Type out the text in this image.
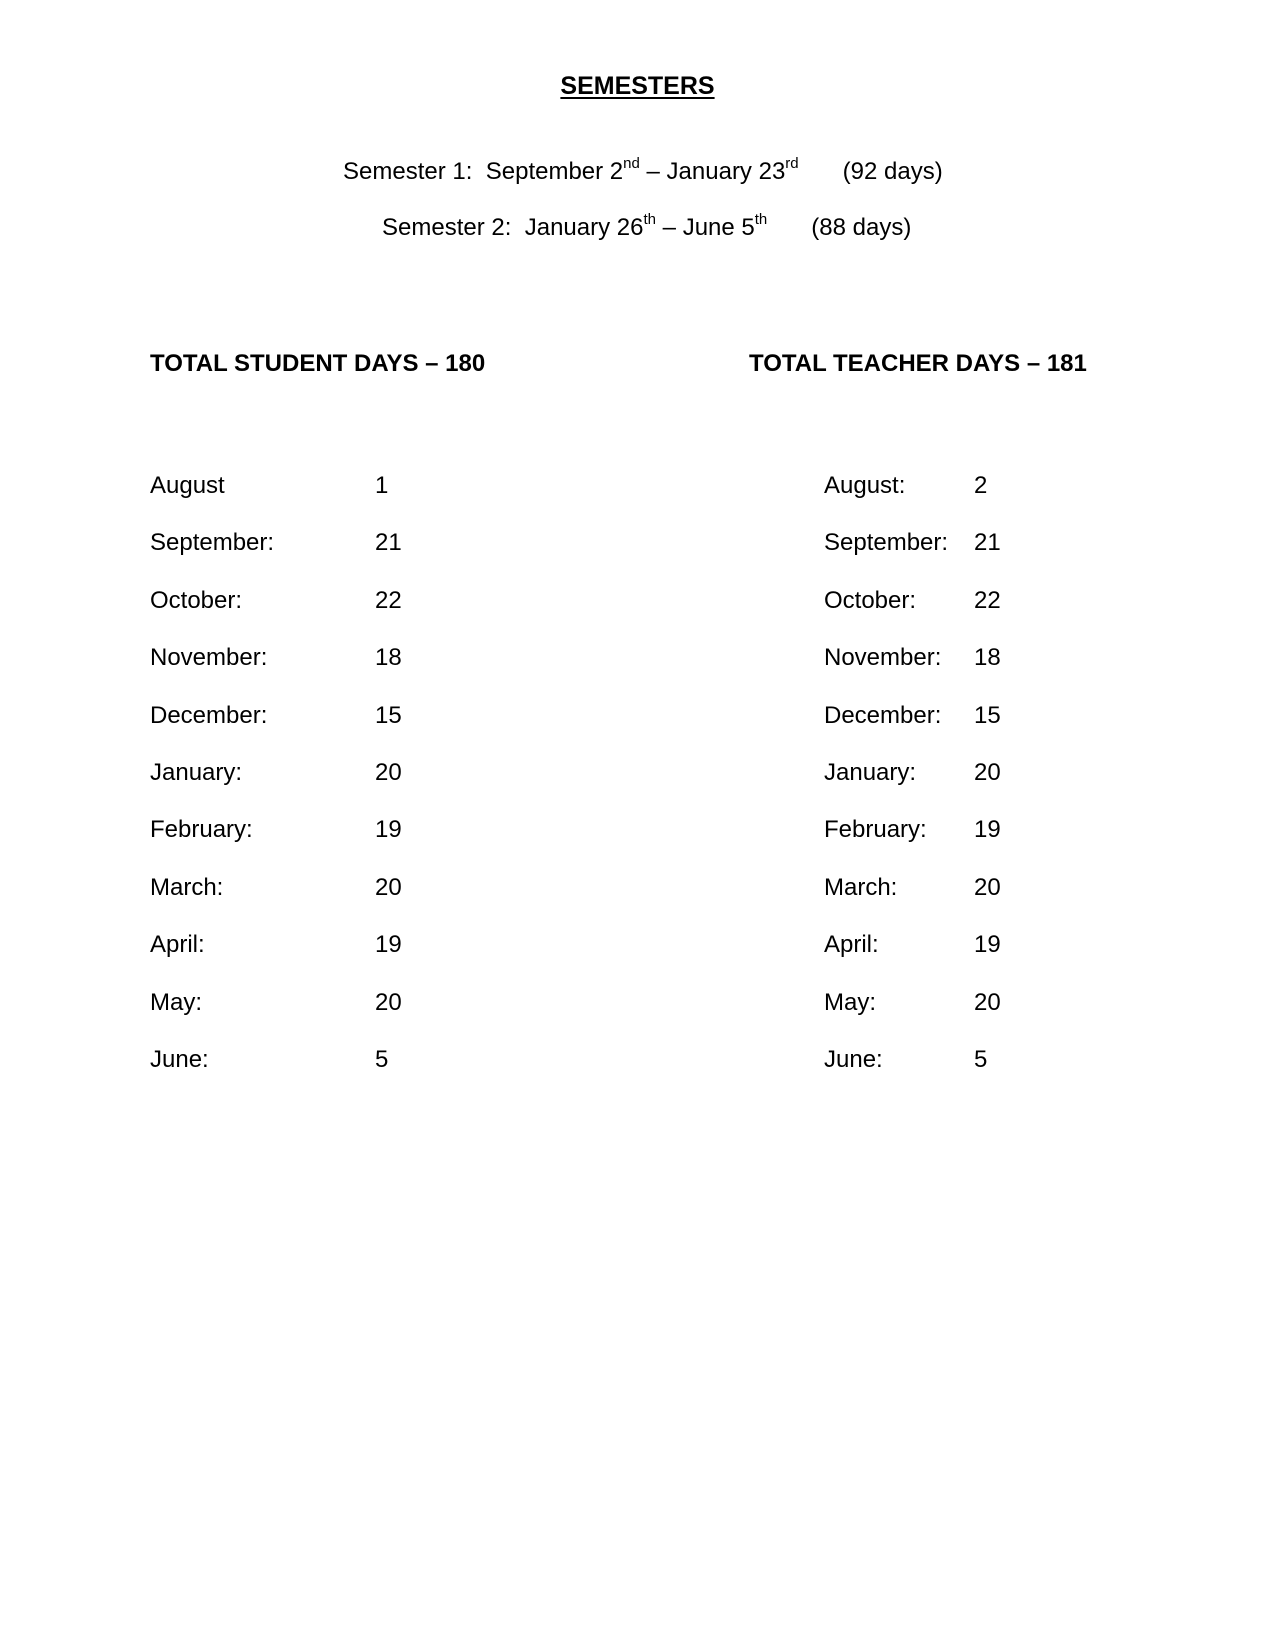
SEMESTERS
Semester 1: September 2nd – January 23rd (92 days)
Semester 2: January 26th – June 5th (88 days)
TOTAL STUDENT DAYS – 180	TOTAL TEACHER DAYS – 181
August	1
September:	21
October:	22
November:	18
December:	15
January:	20
February:	19
March:	20
April:	19
May:	20
June:	5
August:	2
September: 21
October: 22
November: 18
December: 15
January: 20
February: 19
March:	20
April:	19
May:	20
June:	5
